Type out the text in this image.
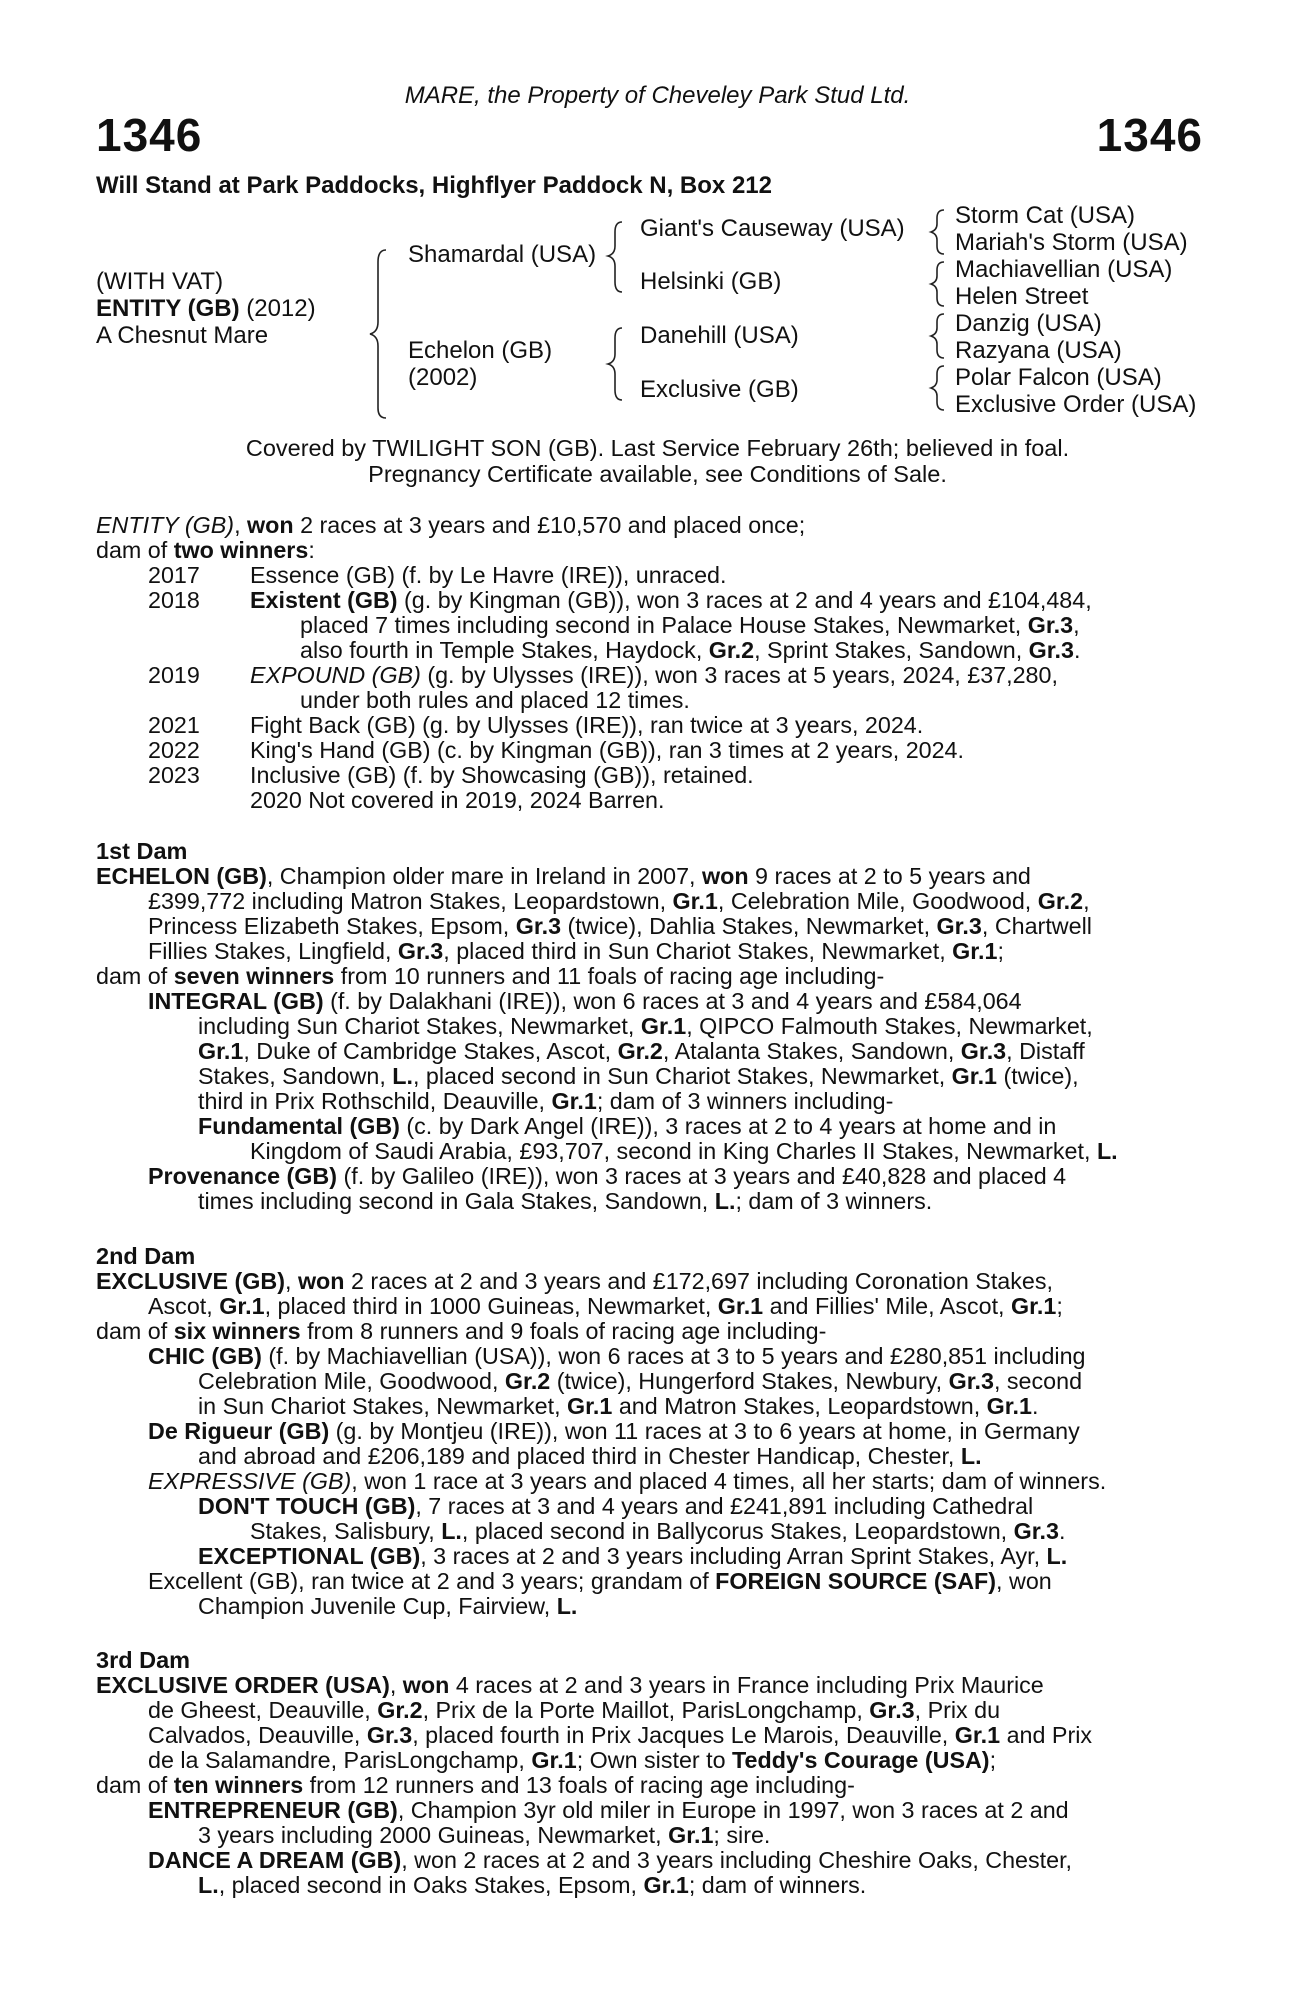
MARE, the Property of Cheveley Park Stud Ltd.
1346	1346
Will Stand at Park Paddocks, Highflyer Paddock N, Box 212
(WITH VAT)
ENTITY (GB) (2012)
A Chesnut Mare
Shamardal (USA)
Echelon (GB)
(2002)
Giant's Causeway (USA)
Helsinki (GB)
Danehill (USA)
Exclusive (GB)
Storm Cat (USA)
Mariah's Storm (USA)
Machiavellian (USA)
Helen Street
Danzig (USA)
Razyana (USA)
Polar Falcon (USA)
Exclusive Order (USA)
Covered by TWILIGHT SON (GB). Last Service February 26th; believed in foal.
Pregnancy Certificate available, see Conditions of Sale.
ENTITY (GB), won 2 races at 3 years and £10,570 and placed once;
dam of two winners:
2017 Essence (GB) (f. by Le Havre (IRE)), unraced.
2018 Existent (GB) (g. by Kingman (GB)), won 3 races at 2 and 4 years and £104,484,
placed 7 times including second in Palace House Stakes, Newmarket, Gr.3,
also fourth in Temple Stakes, Haydock, Gr.2, Sprint Stakes, Sandown, Gr.3.
2019 EXPOUND (GB) (g. by Ulysses (IRE)), won 3 races at 5 years, 2024, £37,280,
under both rules and placed 12 times.
2021 Fight Back (GB) (g. by Ulysses (IRE)), ran twice at 3 years, 2024.
2022 King's Hand (GB) (c. by Kingman (GB)), ran 3 times at 2 years, 2024.
2023 Inclusive (GB) (f. by Showcasing (GB)), retained.
2020 Not covered in 2019, 2024 Barren.
1st Dam
ECHELON (GB), Champion older mare in Ireland in 2007, won 9 races at 2 to 5 years and
£399,772 including Matron Stakes, Leopardstown, Gr.1, Celebration Mile, Goodwood, Gr.2,
Princess Elizabeth Stakes, Epsom, Gr.3 (twice), Dahlia Stakes, Newmarket, Gr.3, Chartwell
Fillies Stakes, Lingfield, Gr.3, placed third in Sun Chariot Stakes, Newmarket, Gr.1;
dam of seven winners from 10 runners and 11 foals of racing age including-
INTEGRAL (GB) (f. by Dalakhani (IRE)), won 6 races at 3 and 4 years and £584,064
including Sun Chariot Stakes, Newmarket, Gr.1, QIPCO Falmouth Stakes, Newmarket,
Gr.1, Duke of Cambridge Stakes, Ascot, Gr.2, Atalanta Stakes, Sandown, Gr.3, Distaff
Stakes, Sandown, L., placed second in Sun Chariot Stakes, Newmarket, Gr.1 (twice),
third in Prix Rothschild, Deauville, Gr.1; dam of 3 winners including-
Fundamental (GB) (c. by Dark Angel (IRE)), 3 races at 2 to 4 years at home and in
Kingdom of Saudi Arabia, £93,707, second in King Charles II Stakes, Newmarket, L.
Provenance (GB) (f. by Galileo (IRE)), won 3 races at 3 years and £40,828 and placed 4
times including second in Gala Stakes, Sandown, L.; dam of 3 winners.
2nd Dam
EXCLUSIVE (GB), won 2 races at 2 and 3 years and £172,697 including Coronation Stakes,
Ascot, Gr.1, placed third in 1000 Guineas, Newmarket, Gr.1 and Fillies' Mile, Ascot, Gr.1;
dam of six winners from 8 runners and 9 foals of racing age including-
CHIC (GB) (f. by Machiavellian (USA)), won 6 races at 3 to 5 years and £280,851 including
Celebration Mile, Goodwood, Gr.2 (twice), Hungerford Stakes, Newbury, Gr.3, second
in Sun Chariot Stakes, Newmarket, Gr.1 and Matron Stakes, Leopardstown, Gr.1.
De Rigueur (GB) (g. by Montjeu (IRE)), won 11 races at 3 to 6 years at home, in Germany
and abroad and £206,189 and placed third in Chester Handicap, Chester, L.
EXPRESSIVE (GB), won 1 race at 3 years and placed 4 times, all her starts; dam of winners.
DON'T TOUCH (GB), 7 races at 3 and 4 years and £241,891 including Cathedral
Stakes, Salisbury, L., placed second in Ballycorus Stakes, Leopardstown, Gr.3.
EXCEPTIONAL (GB), 3 races at 2 and 3 years including Arran Sprint Stakes, Ayr, L.
Excellent (GB), ran twice at 2 and 3 years; grandam of FOREIGN SOURCE (SAF), won
Champion Juvenile Cup, Fairview, L.
3rd Dam
EXCLUSIVE ORDER (USA), won 4 races at 2 and 3 years in France including Prix Maurice
de Gheest, Deauville, Gr.2, Prix de la Porte Maillot, ParisLongchamp, Gr.3, Prix du
Calvados, Deauville, Gr.3, placed fourth in Prix Jacques Le Marois, Deauville, Gr.1 and Prix
de la Salamandre, ParisLongchamp, Gr.1; Own sister to Teddy's Courage (USA);
dam of ten winners from 12 runners and 13 foals of racing age including-
ENTREPRENEUR (GB), Champion 3yr old miler in Europe in 1997, won 3 races at 2 and
3 years including 2000 Guineas, Newmarket, Gr.1; sire.
DANCE A DREAM (GB), won 2 races at 2 and 3 years including Cheshire Oaks, Chester,
L., placed second in Oaks Stakes, Epsom, Gr.1; dam of winners.
